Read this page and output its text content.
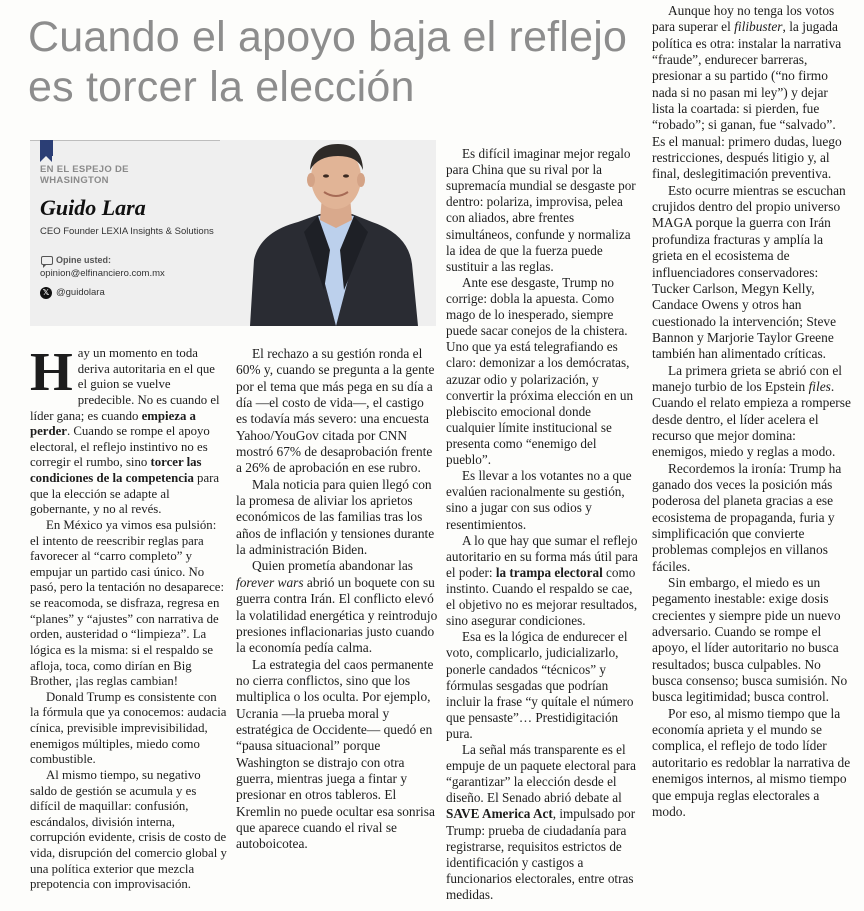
Cuando el apoyo baja el reflejo es torcer la elección
EN EL ESPEJO DE WHASINGTON
Guido Lara
CEO Founder LEXIA Insights & Solutions
Opine usted:
opinion@elfinanciero.com.mx
𝕏 @guidolara

Hay un momento en toda deriva autoritaria en el que el guion se vuelve predecible. No es cuando el líder gana; es cuando empieza a perder. Cuando se rompe el apoyo electoral, el reflejo instintivo no es corregir el rumbo, sino torcer las condiciones de la competencia para que la elección se adapte al gobernante, y no al revés.

En México ya vimos esa pulsión: el intento de reescribir reglas para favorecer al “carro completo” y empujar un partido casi único. No pasó, pero la tentación no desaparece: se reacomoda, se disfraza, regresa en “planes” y “ajustes” con narrativa de orden, austeridad o “limpieza”. La lógica es la misma: si el respaldo se afloja, toca, como dirían en Big Brother, ¡las reglas cambian!

Donald Trump es consistente con la fórmula que ya conocemos: audacia cínica, previsible imprevisibilidad, enemigos múltiples, miedo como combustible.

Al mismo tiempo, su negativo saldo de gestión se acumula y es difícil de maquillar: confusión, escándalos, división interna, corrupción evidente, crisis de costo de vida, disrupción del comercio global y una política exterior que mezcla prepotencia con improvisación.

El rechazo a su gestión ronda el 60% y, cuando se pregunta a la gente por el tema que más pega en su día a día —el costo de vida—, el castigo es todavía más severo: una encuesta Yahoo/YouGov citada por CNN mostró 67% de desaprobación frente a 26% de aprobación en ese rubro.

Mala noticia para quien llegó con la promesa de aliviar los aprietos económicos de las familias tras los años de inflación y tensiones durante la administración Biden.

Quien prometía abandonar las forever wars abrió un boquete con su guerra contra Irán. El conflicto elevó la volatilidad energética y reintrodujo presiones inflacionarias justo cuando la economía pedía calma.

La estrategia del caos permanente no cierra conflictos, sino que los multiplica o los oculta. Por ejemplo, Ucrania —la prueba moral y estratégica de Occidente— quedó en “pausa situacional” porque Washington se distrajo con otra guerra, mientras juega a fintar y presionar en otros tableros. El Kremlin no puede ocultar esa sonrisa que aparece cuando el rival se autoboicotea.

Es difícil imaginar mejor regalo para China que su rival por la supremacía mundial se desgaste por dentro: polariza, improvisa, pelea con aliados, abre frentes simultáneos, confunde y normaliza la idea de que la fuerza puede sustituir a las reglas.

Ante ese desgaste, Trump no corrige: dobla la apuesta. Como mago de lo inesperado, siempre puede sacar conejos de la chistera. Uno que ya está telegrafiando es claro: demonizar a los demócratas, azuzar odio y polarización, y convertir la próxima elección en un plebiscito emocional donde cualquier límite institucional se presenta como “enemigo del pueblo”.

Es llevar a los votantes no a que evalúen racionalmente su gestión, sino a jugar con sus odios y resentimientos.

A lo que hay que sumar el reflejo autoritario en su forma más útil para el poder: la trampa electoral como instinto. Cuando el respaldo se cae, el objetivo no es mejorar resultados, sino asegurar condiciones.

Esa es la lógica de endurecer el voto, complicarlo, judicializarlo, ponerle candados “técnicos” y fórmulas sesgadas que podrían incluir la frase “y quítale el número que pensaste”… Prestidigitación pura.

La señal más transparente es el empuje de un paquete electoral para “garantizar” la elección desde el diseño. El Senado abrió debate al SAVE America Act, impulsado por Trump: prueba de ciudadanía para registrarse, requisitos estrictos de identificación y castigos a funcionarios electorales, entre otras medidas.

Aunque hoy no tenga los votos para superar el filibuster, la jugada política es otra: instalar la narrativa “fraude”, endurecer barreras, presionar a su partido (“no firmo nada si no pasan mi ley”) y dejar lista la coartada: si pierden, fue “robado”; si ganan, fue “salvado”. Es el manual: primero dudas, luego restricciones, después litigio y, al final, deslegitimación preventiva.

Esto ocurre mientras se escuchan crujidos dentro del propio universo MAGA porque la guerra con Irán profundiza fracturas y amplía la grieta en el ecosistema de influenciadores conservadores: Tucker Carlson, Megyn Kelly, Candace Owens y otros han cuestionado la intervención; Steve Bannon y Marjorie Taylor Greene también han alimentado críticas.

La primera grieta se abrió con el manejo turbio de los Epstein files. Cuando el relato empieza a romperse desde dentro, el líder acelera el recurso que mejor domina: enemigos, miedo y reglas a modo.

Recordemos la ironía: Trump ha ganado dos veces la posición más poderosa del planeta gracias a ese ecosistema de propaganda, furia y simplificación que convierte problemas complejos en villanos fáciles.

Sin embargo, el miedo es un pegamento inestable: exige dosis crecientes y siempre pide un nuevo adversario. Cuando se rompe el apoyo, el líder autoritario no busca resultados; busca culpables. No busca consenso; busca sumisión. No busca legitimidad; busca control.

Por eso, al mismo tiempo que la economía aprieta y el mundo se complica, el reflejo de todo líder autoritario es redoblar la narrativa de enemigos internos, al mismo tiempo que empuja reglas electorales a modo.
